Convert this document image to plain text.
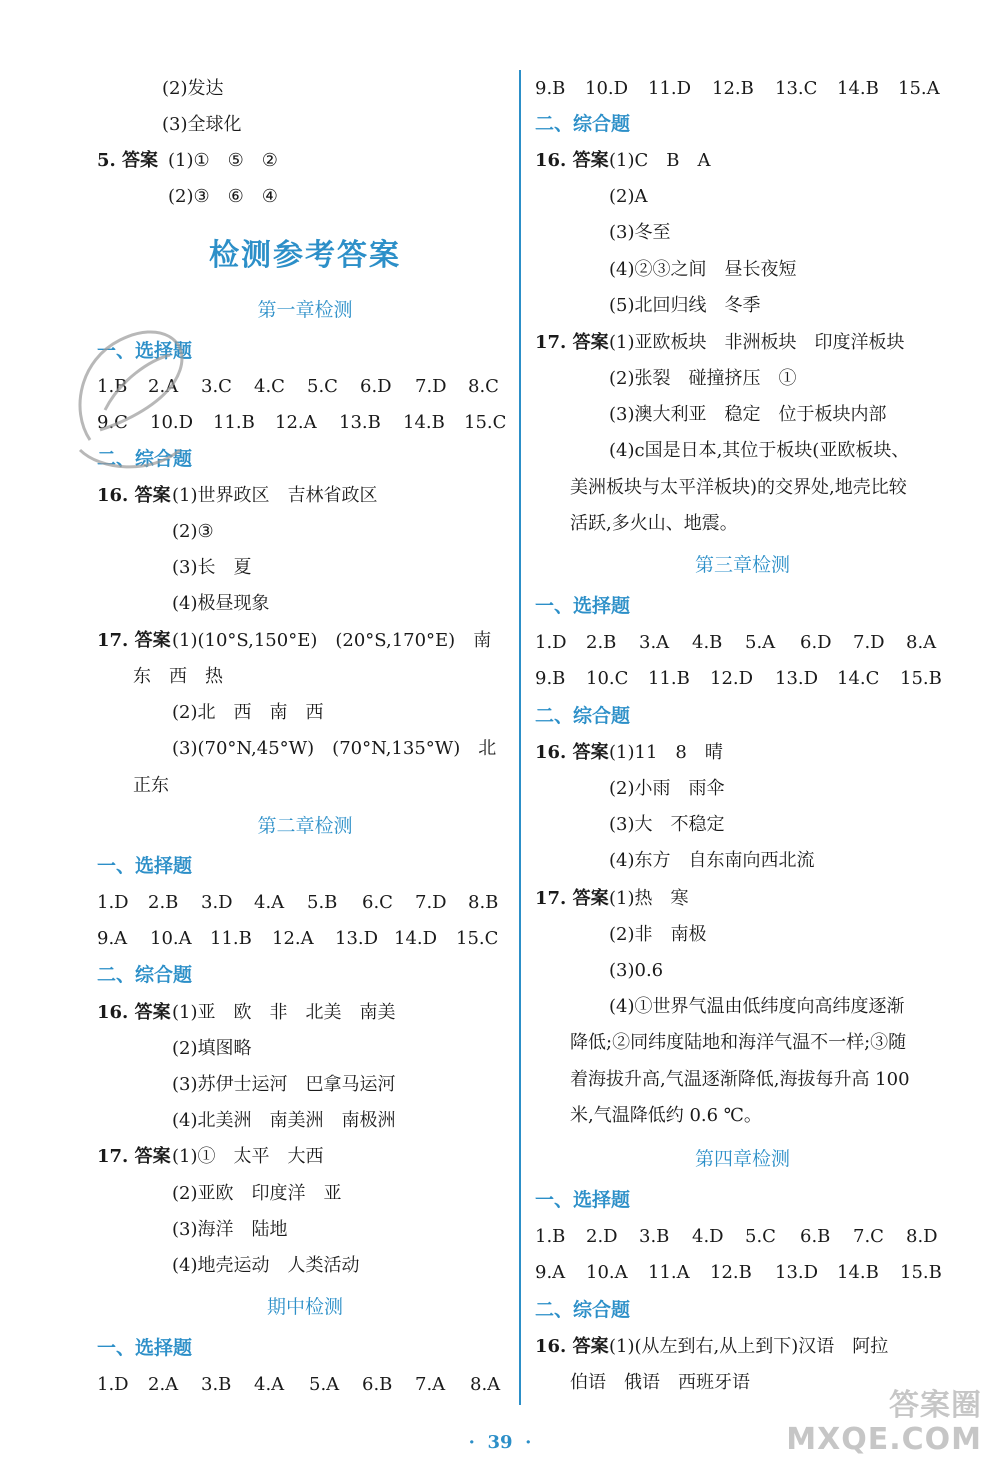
(2)发达
(3)全球化
5. 答案 (1)①　⑤　②
(2)③　⑥　④
检测参考答案
第一章检测
一、选择题
1.B 2.A 3.C 4.C 5.C 6.D 7.D 8.C
9.C 10.D 11.B 12.A 13.B 14.B 15.C
二、综合题
16. 答案 (1)世界政区　吉林省政区
(2)③
(3)长　夏
(4)极昼现象
17. 答案 (1)(10°S,150°E)　(20°S,170°E)　南
东　西　热
(2)北　西　南　西
(3)(70°N,45°W)　(70°N,135°W)　北
正东
第二章检测
一、选择题
1.D 2.B 3.D 4.A 5.B 6.C 7.D 8.B
9.A 10.A 11.B 12.A 13.D 14.D 15.C
二、综合题
16. 答案 (1)亚　欧　非　北美　南美
(2)填图略
(3)苏伊士运河　巴拿马运河
(4)北美洲　南美洲　南极洲
17. 答案 (1)①　太平　大西
(2)亚欧　印度洋　亚
(3)海洋　陆地
(4)地壳运动　人类活动
期中检测
一、选择题
1.D 2.A 3.B 4.A 5.A 6.B 7.A 8.A
9.B 10.D 11.D 12.B 13.C 14.B 15.A
二、综合题
16. 答案 (1)C　B　A
(2)A
(3)冬至
(4)②③之间　昼长夜短
(5)北回归线　冬季
17. 答案 (1)亚欧板块　非洲板块　印度洋板块
(2)张裂　碰撞挤压　①
(3)澳大利亚　稳定　位于板块内部
(4)c国是日本,其位于板块(亚欧板块、
美洲板块与太平洋板块)的交界处,地壳比较
活跃,多火山、地震。
第三章检测
一、选择题
1.D 2.B 3.A 4.B 5.A 6.D 7.D 8.A
9.B 10.C 11.B 12.D 13.D 14.C 15.B
二、综合题
16. 答案 (1)11　8　晴
(2)小雨　雨伞
(3)大　不稳定
(4)东方　自东南向西北流
17. 答案 (1)热　寒
(2)非　南极
(3)0.6
(4)①世界气温由低纬度向高纬度逐渐
降低;②同纬度陆地和海洋气温不一样;③随
着海拔升高,气温逐渐降低,海拔每升高 100
米,气温降低约 0.6 ℃。
第四章检测
一、选择题
1.B 2.D 3.B 4.D 5.C 6.B 7.C 8.D
9.A 10.A 11.A 12.B 13.D 14.B 15.B
二、综合题
16. 答案 (1)(从左到右,从上到下)汉语　阿拉
伯语　俄语　西班牙语
·  39  ·
答案圈
MXQE.COM
